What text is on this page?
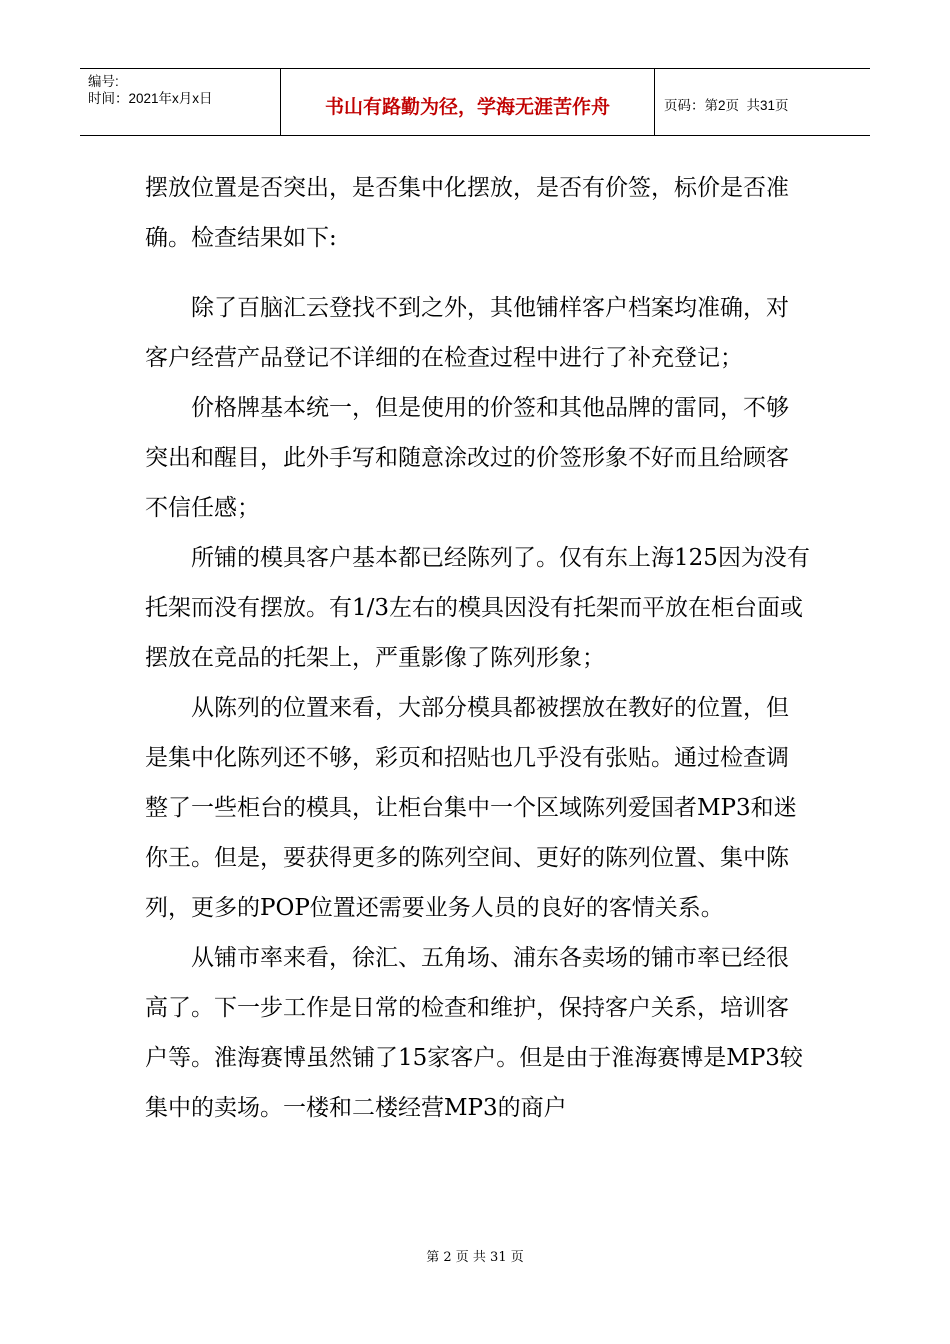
编号:
时间：2021年x月x日	书山有路勤为径，学海无涯苦作舟	页码：第2页  共31页

摆放位置是否突出，是否集中化摆放，是否有价签，标价是否准确。检查结果如下:

除了百脑汇云登找不到之外，其他铺样客户档案均准确，对客户经营产品登记不详细的在检查过程中进行了补充登记；

价格牌基本统一，但是使用的价签和其他品牌的雷同，不够突出和醒目，此外手写和随意涂改过的价签形象不好而且给顾客不信任感；

所铺的模具客户基本都已经陈列了。仅有东上海125因为没有托架而没有摆放。有1/3左右的模具因没有托架而平放在柜台面或摆放在竞品的托架上，严重影像了陈列形象；

从陈列的位置来看，大部分模具都被摆放在教好的位置，但是集中化陈列还不够，彩页和招贴也几乎没有张贴。通过检查调整了一些柜台的模具，让柜台集中一个区域陈列爱国者MP3和迷你王。但是，要获得更多的陈列空间、更好的陈列位置、集中陈列，更多的POP位置还需要业务人员的良好的客情关系。

从铺市率来看，徐汇、五角场、浦东各卖场的铺市率已经很高了。下一步工作是日常的检查和维护，保持客户关系，培训客户等。淮海赛博虽然铺了15家客户。但是由于淮海赛博是MP3较集中的卖场。一楼和二楼经营MP3的商户

第 2 页 共 31 页
